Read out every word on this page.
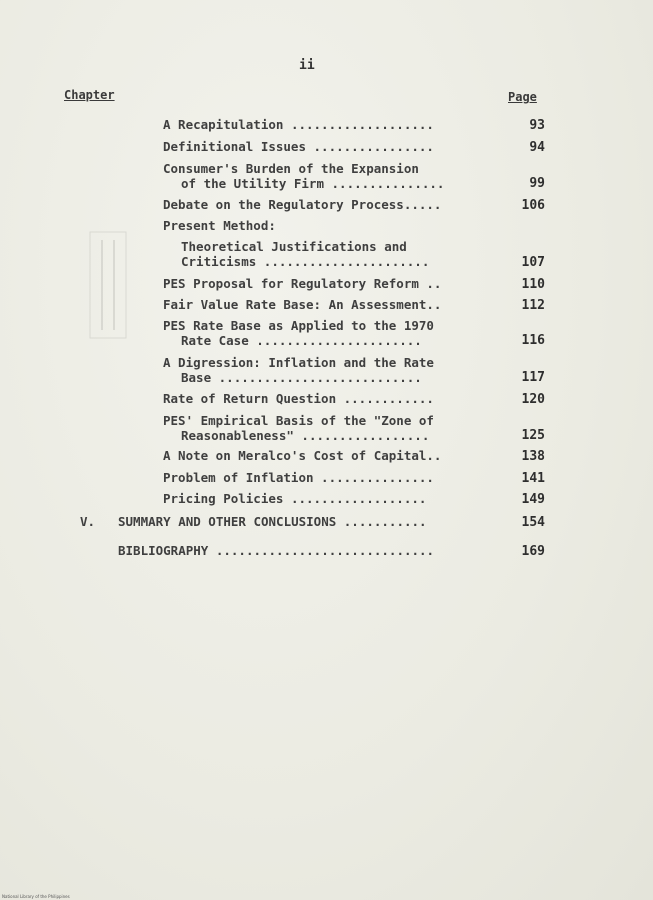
ii
Chapter	Page
A Recapitulation ...................	93
Definitional Issues ................	94
Consumer's Burden of the Expansion
of the Utility Firm ...............	99
Debate on the Regulatory Process.....	106
Present Method:
Theoretical Justifications and
Criticisms ......................	107
PES Proposal for Regulatory Reform ..	110
Fair Value Rate Base: An Assessment..	112
PES Rate Base as Applied to the 1970
Rate Case ......................	116
A Digression: Inflation and the Rate
Base ...........................	117
Rate of Return Question ............	120
PES' Empirical Basis of the "Zone of
Reasonableness" .................	125
A Note on Meralco's Cost of Capital..	138
Problem of Inflation ...............	141
Pricing Policies ..................	149
V. SUMMARY AND OTHER CONCLUSIONS ...........	154
BIBLIOGRAPHY .............................	169
National Library of the Philippines
